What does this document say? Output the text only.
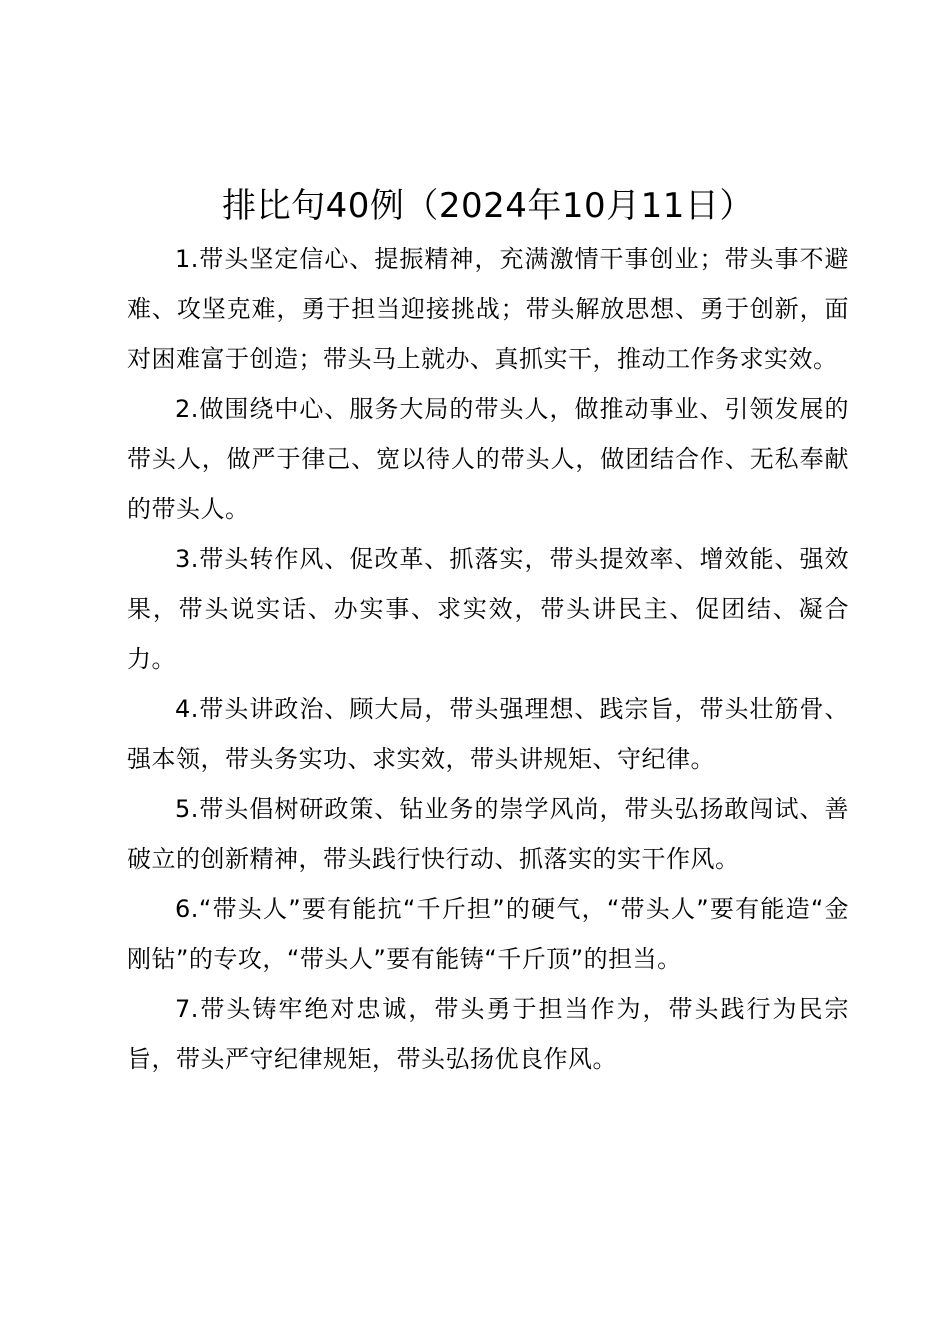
排比句40例（2024年10月11日）

1.带头坚定信心、提振精神，充满激情干事创业；带头事不避难、攻坚克难，勇于担当迎接挑战；带头解放思想、勇于创新，面对困难富于创造；带头马上就办、真抓实干，推动工作务求实效。

2.做围绕中心、服务大局的带头人，做推动事业、引领发展的带头人，做严于律己、宽以待人的带头人，做团结合作、无私奉献的带头人。

3.带头转作风、促改革、抓落实，带头提效率、增效能、强效果，带头说实话、办实事、求实效，带头讲民主、促团结、凝合力。

4.带头讲政治、顾大局，带头强理想、践宗旨，带头壮筋骨、强本领，带头务实功、求实效，带头讲规矩、守纪律。

5.带头倡树研政策、钻业务的崇学风尚，带头弘扬敢闯试、善破立的创新精神，带头践行快行动、抓落实的实干作风。

6.“带头人”要有能抗“千斤担”的硬气，“带头人”要有能造“金刚钻”的专攻，“带头人”要有能铸“千斤顶”的担当。

7.带头铸牢绝对忠诚，带头勇于担当作为，带头践行为民宗旨，带头严守纪律规矩，带头弘扬优良作风。
